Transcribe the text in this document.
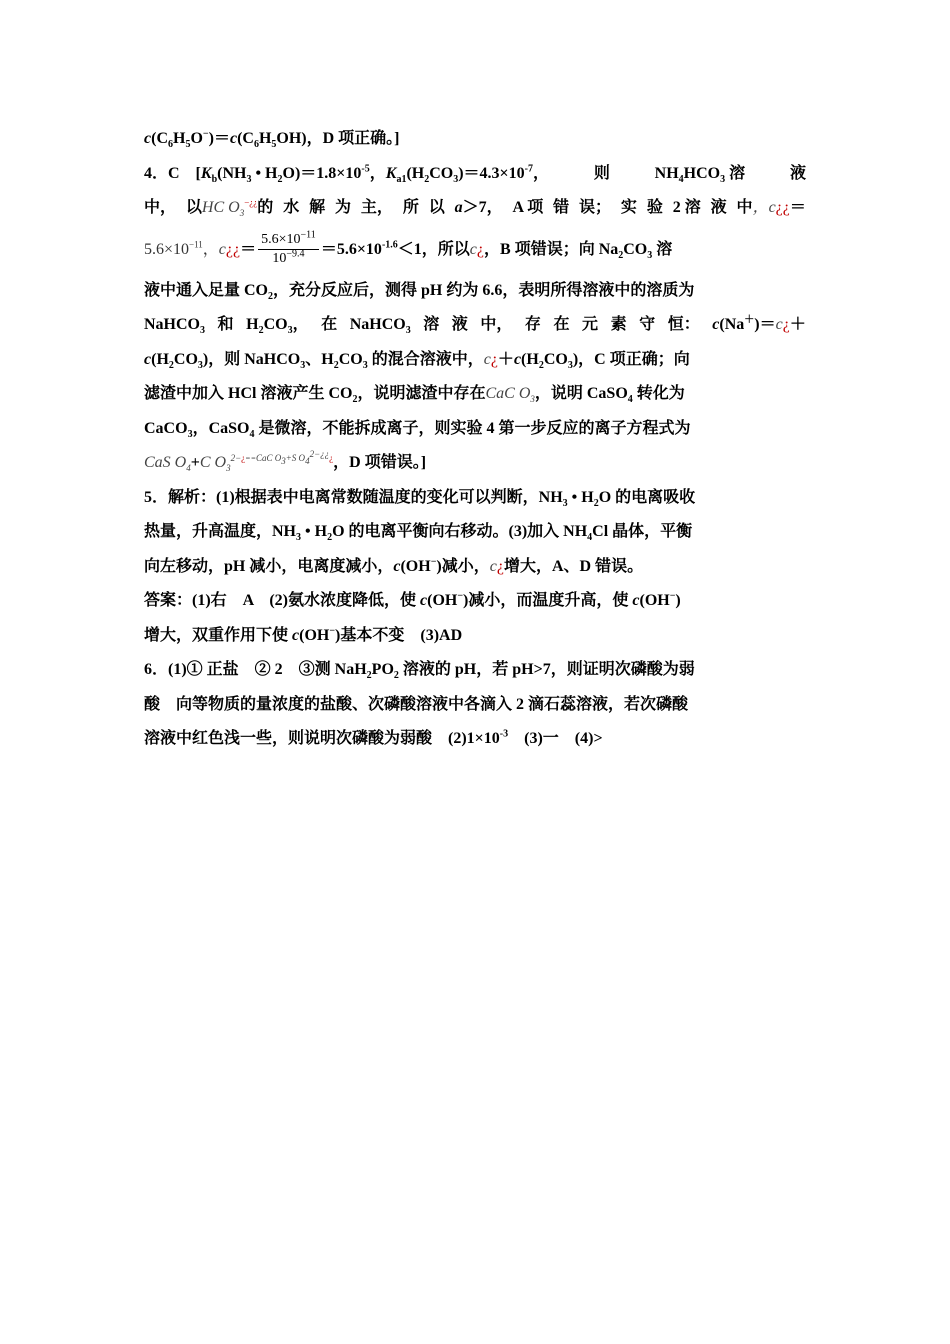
$c(C_6H_5O^-)=c(C_6H_5OH)$，D 项正确。]
4．C　[$K_b(NH_3$ • $H_2O)=1.8\times 10^{-5}$，$K_{a1}(H_2CO_3)=4.3\times 10^{-7}$，	则	$NH_4HCO_3$ 溶	液
中， 以HC $O_3^{-¿¿}$的 水 解 为 主， 所 以 a＞7， A 项 错 误； 实 验 2 溶 液 中，c¿¿＝
$5.6\times 10^{-11}$，c¿¿＝ $\frac{5.6\times 10^{-11}}{10^{-9.4}} =5.6\times 10^{-1.6}<1$，所以c¿，B 项错误；向 $Na_2CO_3$ 溶
液中通入足量 $CO_2$，充分反应后，测得 pH 约为 6.6，表明所得溶液中的溶质为
NaHCO$_3$ 和 $H_2CO_3$， 在 NaHCO$_3$ 溶 液 中， 存 在 元 素 守 恒： c(Na＋)＝c¿＋
$c(H_2CO_3)$，则 NaHCO$_3$、$H_2CO_3$ 的混合溶液中，$c¿+c(H_2CO_3)$，C 项正确；向
滤渣中加入 HCl 溶液产生 $CO_2$，说明滤渣中存在CaC $O_3$，说明 CaSO$_4$ 转化为
CaCO$_3$，CaSO$_4$ 是微溶，不能拆成离子，则实验 4 第一步反应的离子方程式为
CaS $O_4+C$ $O_3^{2-¿==CaC O_3+S O_4^{2-¿¿}¿}$，D 项错误。]
5．解析：(1)根据表中电离常数随温度的变化可以判断，$NH_3$ • $H_2O$ 的电离吸收
热量，升高温度，$NH_3$ • $H_2O$ 的电离平衡向右移动。(3)加入 $NH_4Cl$ 晶体，平衡
向左移动，pH 减小，电离度减小，c(OH−)减小，c¿增大，A、D 错误。
答案：(1)右　A　(2)氨水浓度降低，使 c(OH−)减小，而温度升高，使 c(OH−)
增大，双重作用下使 c(OH−)基本不变　(3)AD
6．(1)① 正盐　② 2　③测 $NaH_2PO_2$ 溶液的 pH，若 pH>7，则证明次磷酸为弱
酸　向等物质的量浓度的盐酸、次磷酸溶液中各滴入 2 滴石蕊溶液，若次磷酸
溶液中红色浅一些，则说明次磷酸为弱酸　$(2)1\times 10^{-3}$　(3)一　(4)>
